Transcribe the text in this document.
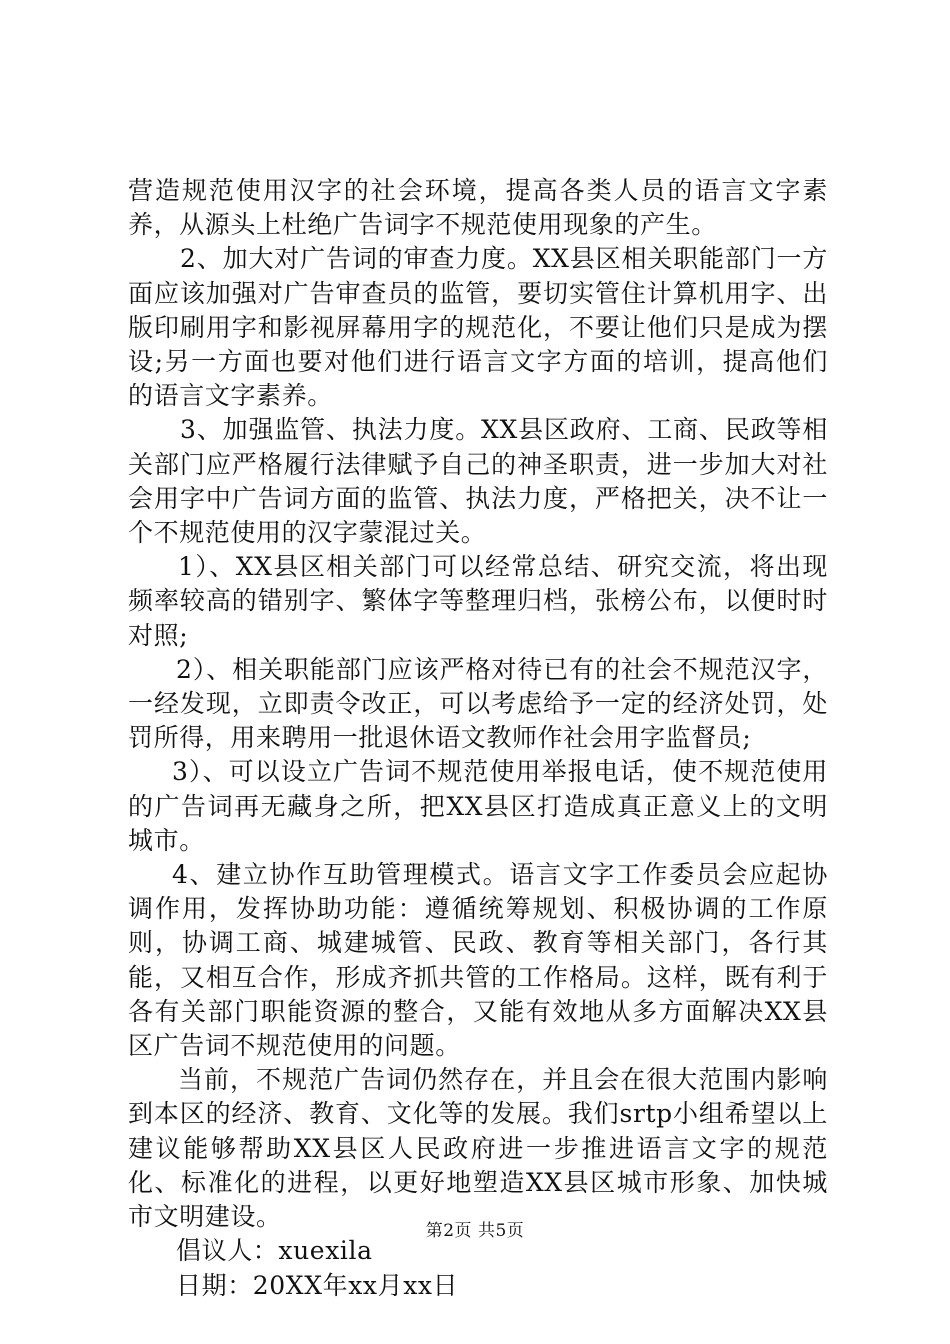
营造规范使用汉字的社会环境，提高各类人员的语言文字素养，从源头上杜绝广告词字不规范使用现象的产生。

2、加大对广告词的审查力度。XX县区相关职能部门一方面应该加强对广告审查员的监管，要切实管住计算机用字、出版印刷用字和影视屏幕用字的规范化，不要让他们只是成为摆设;另一方面也要对他们进行语言文字方面的培训，提高他们的语言文字素养。

3、加强监管、执法力度。XX县区政府、工商、民政等相关部门应严格履行法律赋予自己的神圣职责，进一步加大对社会用字中广告词方面的监管、执法力度，严格把关，决不让一个不规范使用的汉字蒙混过关。

1）、XX县区相关部门可以经常总结、研究交流，将出现频率较高的错别字、繁体字等整理归档，张榜公布，以便时时对照;

2）、相关职能部门应该严格对待已有的社会不规范汉字，一经发现，立即责令改正，可以考虑给予一定的经济处罚，处罚所得，用来聘用一批退休语文教师作社会用字监督员;

3）、可以设立广告词不规范使用举报电话，使不规范使用的广告词再无藏身之所，把XX县区打造成真正意义上的文明城市。

4、建立协作互助管理模式。语言文字工作委员会应起协调作用，发挥协助功能：遵循统筹规划、积极协调的工作原则，协调工商、城建城管、民政、教育等相关部门，各行其能，又相互合作，形成齐抓共管的工作格局。这样，既有利于各有关部门职能资源的整合，又能有效地从多方面解决XX县区广告词不规范使用的问题。

当前，不规范广告词仍然存在，并且会在很大范围内影响到本区的经济、教育、文化等的发展。我们srtp小组希望以上建议能够帮助XX县区人民政府进一步推进语言文字的规范化、标准化的进程，以更好地塑造XX县区城市形象、加快城市文明建设。

倡议人：xuexila

日期：20XX年xx月xx日

第2页 共5页
